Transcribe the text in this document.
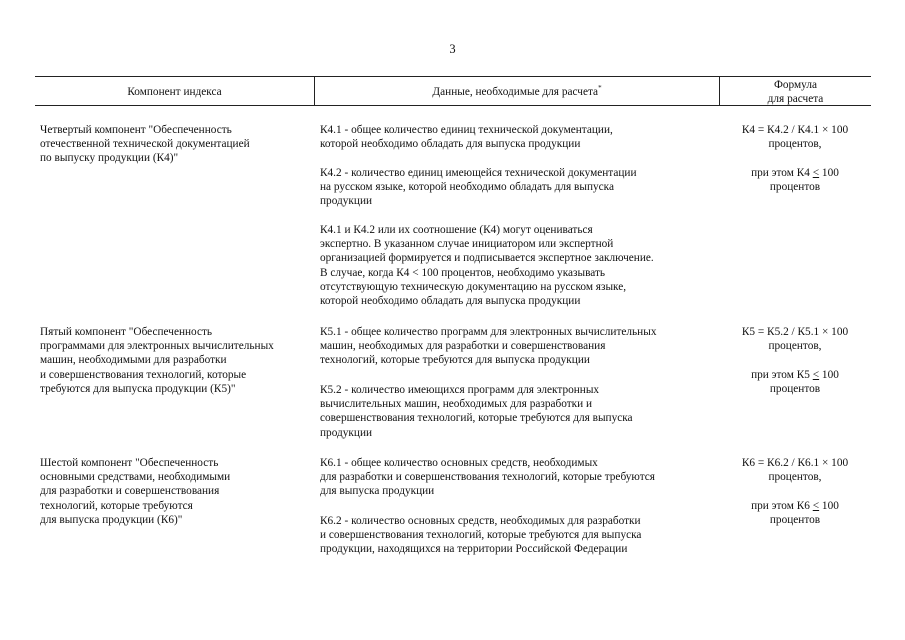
3
Компонент индекса	Данные, необходимые для расчета*	Формула
для расчета
Четвертый компонент "Обеспеченность
отечественной технической документацией
по выпуску продукции (К4)"
К4.1 - общее количество единиц технической документации,
которой необходимо обладать для выпуска продукции
К4.2 - количество единиц имеющейся технической документации
на русском языке, которой необходимо обладать для выпуска
продукции
К4.1 и К4.2 или их соотношение (К4) могут оцениваться
экспертно. В указанном случае инициатором или экспертной
организацией формируется и подписывается экспертное заключение.
В случае, когда К4 < 100 процентов, необходимо указывать
отсутствующую техническую документацию на русском языке,
которой необходимо обладать для выпуска продукции
К4 = К4.2 / К4.1 × 100
процентов,
при этом К4 < 100
процентов
Пятый компонент "Обеспеченность
программами для электронных вычислительных
машин, необходимыми для разработки
и совершенствования технологий, которые
требуются для выпуска продукции (К5)"
К5.1 - общее количество программ для электронных вычислительных
машин, необходимых для разработки и совершенствования
технологий, которые требуются для выпуска продукции
К5.2 - количество имеющихся программ для электронных
вычислительных машин, необходимых для разработки и
совершенствования технологий, которые требуются для выпуска
продукции
К5 = К5.2 / К5.1 × 100
процентов,
при этом К5 < 100
процентов
Шестой компонент "Обеспеченность
основными средствами, необходимыми
для разработки и совершенствования
технологий, которые требуются
для выпуска продукции (К6)"
К6.1 - общее количество основных средств, необходимых
для разработки и совершенствования технологий, которые требуются
для выпуска продукции
К6.2 - количество основных средств, необходимых для разработки
и совершенствования технологий, которые требуются для выпуска
продукции, находящихся на территории Российской Федерации
К6 = К6.2 / К6.1 × 100
процентов,
при этом К6 < 100
процентов
